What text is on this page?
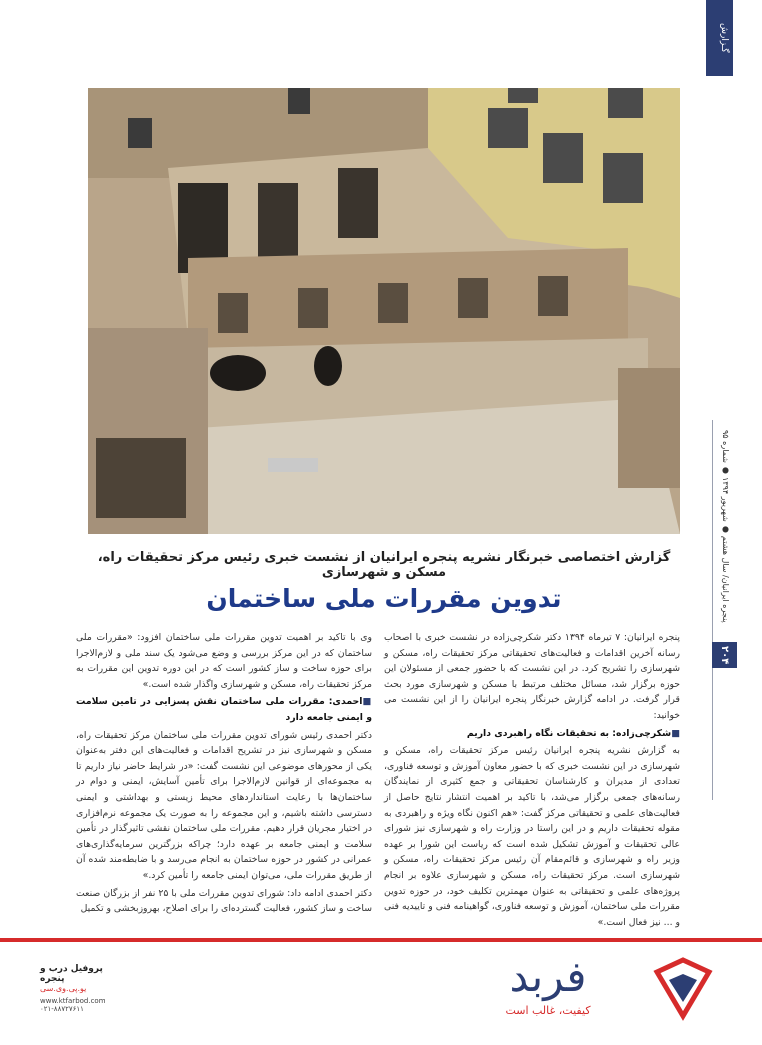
گـزارش
پنجره ایرانیان/ سال هشتم ● شهریور ۱۳۹۴ ● شماره ۹۵
۲۰۴
گزارش اختصاصی خبرنگار نشریه پنجره ایرانیان از نشست خبری رئیس مرکز تحقیقات راه، مسکن و شهرسازی
تدوین مقررات ملی ساختمان

پنجره ایرانیان: ۷ تیرماه ۱۳۹۴ دکتر شکرچی‌زاده در نشست خبری با اصحاب رسانه آخرین اقدامات و فعالیت‌های تحقیقاتی مرکز تحقیقات راه، مسکن و شهرسازی را تشریح کرد. در این نشست که با حضور جمعی از مسئولان این حوزه برگزار شد، مسائل مختلف مرتبط با مسکن و شهرسازی مورد بحث قرار گرفت. در ادامه گزارش خبرنگار پنجره ایرانیان را از این نشست می خوانید:

■ شکرچی‌زاده: به تحقیقات نگاه راهبردی داریم

به گزارش نشریه پنجره ایرانیان رئیس مرکز تحقیقات راه، مسکن و شهرسازی در این نشست خبری که با حضور معاون آموزش و توسعه فناوری، تعدادی از مدیران و کارشناسان تحقیقاتی و جمع کثیری از نمایندگان رسانه‌های جمعی برگزار می‌شد، با تاکید بر اهمیت انتشار نتایج حاصل از فعالیت‌های علمی و تحقیقاتی مرکز گفت: «هم اکنون نگاه ویژه و راهبردی به مقوله تحقیقات داریم و در این راستا در وزارت راه و شهرسازی نیز شورای عالی تحقیقات و آموزش تشکیل شده است که ریاست این شورا بر عهده وزیر راه و شهرسازی و قائم‌مقام آن رئیس مرکز تحقیقات راه، مسکن و شهرسازی است. مرکز تحقیقات راه، مسکن و شهرسازی علاوه بر انجام پروژه‌های علمی و تحقیقاتی به عنوان مهمترین تکلیف خود، در حوزه تدوین مقررات ملی ساختمان، آموزش و توسعه فناوری، گواهینامه فنی و تاییدیه فنی و ... نیز فعال است.»

وی با تاکید بر اهمیت تدوین مقررات ملی ساختمان افزود: «مقررات ملی ساختمان که در این مرکز بررسی و وضع می‌شود یک سند ملی و لازم‌الاجرا برای حوزه ساخت و ساز کشور است که در این دوره تدوین این مقررات به مرکز تحقیقات راه، مسکن و شهرسازی واگذار شده است.»

■ احمدی: مقررات ملی ساختمان نقش پسزایی در تامین سلامت و ایمنی جامعه دارد

دکتر احمدی رئیس شورای تدوین مقررات ملی ساختمان مرکز تحقیقات راه، مسکن و شهرسازی نیز در تشریح اقدامات و فعالیت‌های این دفتر به‌عنوان یکی از محورهای موضوعی این نشست گفت: «در شرایط حاضر نیاز داریم تا به مجموعه‌ای از قوانین لازم‌الاجرا برای تأمین آسایش، ایمنی و دوام در ساختمان‌ها با رعایت استانداردهای محیط زیستی و بهداشتی و ایمنی دسترسی داشته باشیم، و این مجموعه را به صورت یک مجموعه نرم‌افزاری در اختیار مجریان قرار دهیم. مقررات ملی ساختمان نقشی تاثیرگذار در تأمین سلامت و ایمنی جامعه بر عهده دارد؛ چراکه بزرگترین سرمایه‌گذاری‌های عمرانی در کشور در حوزه ساختمان به انجام می‌رسد و با ضابطه‌مند شده آن از طریق مقررات ملی، می‌توان ایمنی جامعه را تأمین کرد.»

دکتر احمدی ادامه داد: شورای تدوین مقررات ملی با ۲۵ نفر از بزرگان صنعت ساخت و ساز کشور، فعالیت گسترده‌ای را برای اصلاح، بهروزبخشی و تکمیل

پروفیل درب و پنجره
یو.پی.وی.سی
www.ktfarbod.com
۰۲۱-۸۸۷۲۷۶۱۱
فربد
کیفیت، غالب است
